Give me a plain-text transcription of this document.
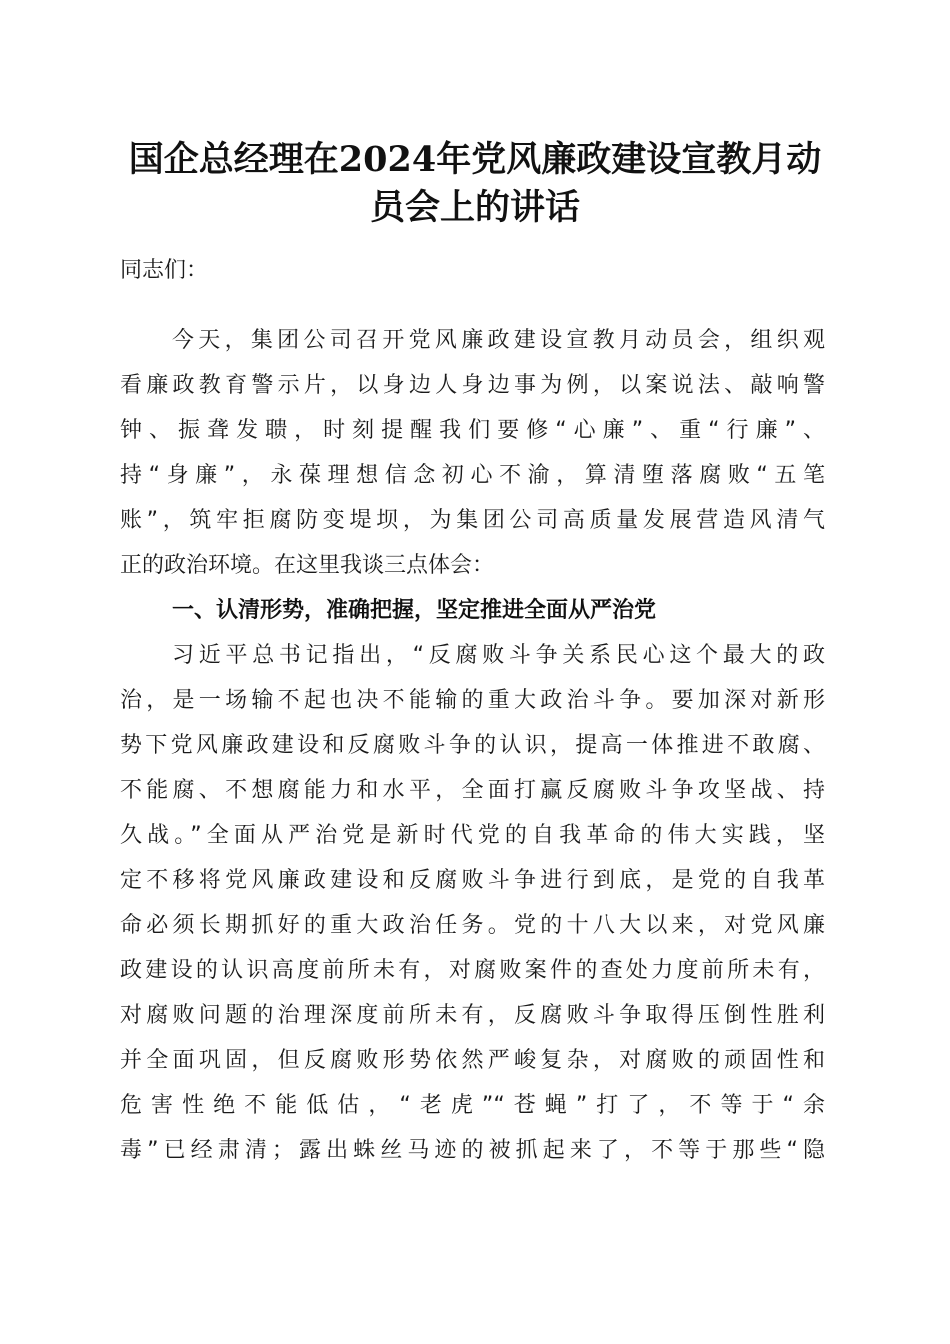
国企总经理在2024年党风廉政建设宣教月动
员会上的讲话
同志们：
今天，集团公司召开党风廉政建设宣教月动员会，组织观
看廉政教育警示片，以身边人身边事为例，以案说法、敲响警
钟、振聋发聩，时刻提醒我们要修“心廉”、重“行廉”、
持“身廉”，永葆理想信念初心不渝，算清堕落腐败“五笔
账”，筑牢拒腐防变堤坝，为集团公司高质量发展营造风清气
正的政治环境。在这里我谈三点体会：
一、认清形势，准确把握，坚定推进全面从严治党
习近平总书记指出，“反腐败斗争关系民心这个最大的政
治，是一场输不起也决不能输的重大政治斗争。要加深对新形
势下党风廉政建设和反腐败斗争的认识，提高一体推进不敢腐、
不能腐、不想腐能力和水平，全面打赢反腐败斗争攻坚战、持
久战。”全面从严治党是新时代党的自我革命的伟大实践，坚
定不移将党风廉政建设和反腐败斗争进行到底，是党的自我革
命必须长期抓好的重大政治任务。党的十八大以来，对党风廉
政建设的认识高度前所未有，对腐败案件的查处力度前所未有，
对腐败问题的治理深度前所未有，反腐败斗争取得压倒性胜利
并全面巩固，但反腐败形势依然严峻复杂，对腐败的顽固性和
危害性绝不能低估，“老虎”“苍蝇”打了，不等于“余
毒”已经肃清；露出蛛丝马迹的被抓起来了，不等于那些“隐
